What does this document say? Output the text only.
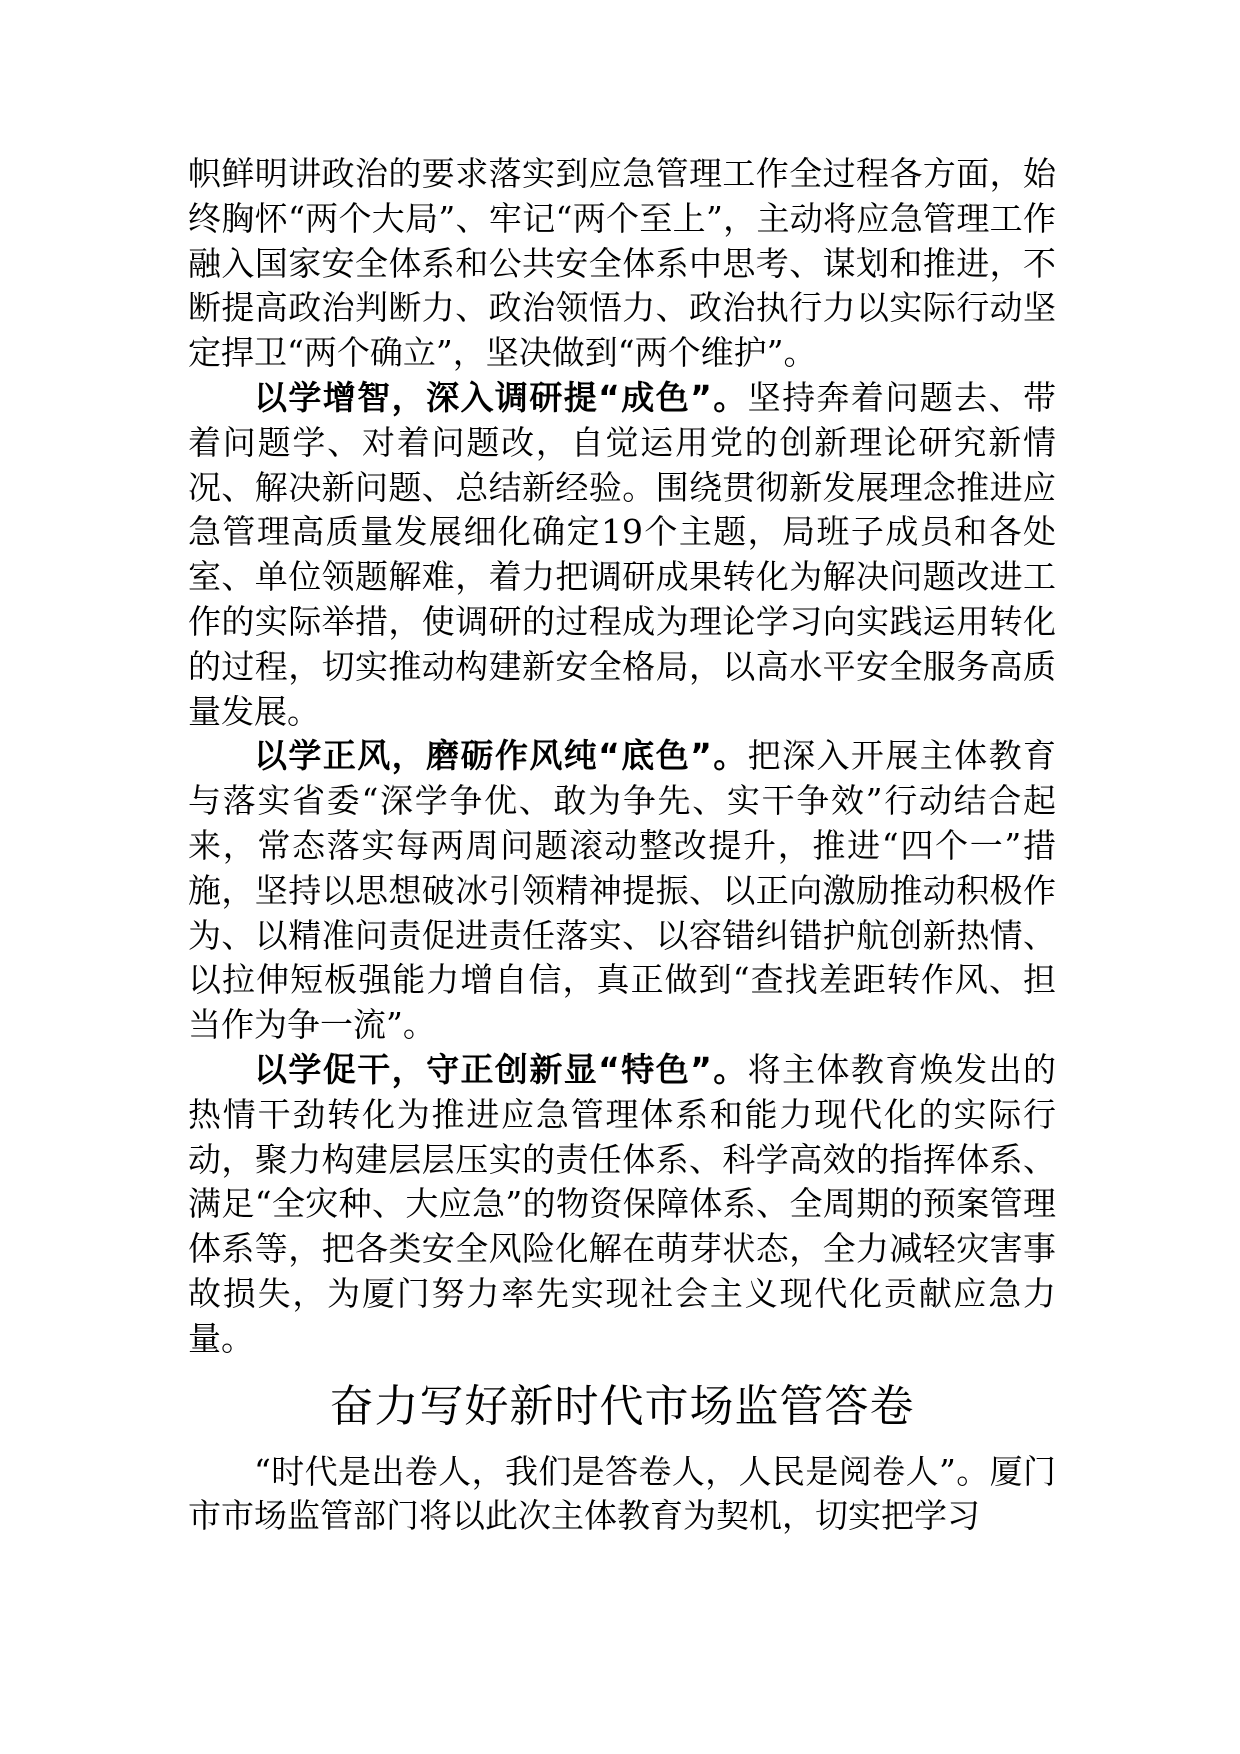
帜鲜明讲政治的要求落实到应急管理工作全过程各方面，始终胸怀“两个大局”、牢记“两个至上”，主动将应急管理工作融入国家安全体系和公共安全体系中思考、谋划和推进，不断提高政治判断力、政治领悟力、政治执行力以实际行动坚定捍卫“两个确立”，坚决做到“两个维护”。

以学增智，深入调研提“成色”。坚持奔着问题去、带着问题学、对着问题改，自觉运用党的创新理论研究新情况、解决新问题、总结新经验。围绕贯彻新发展理念推进应急管理高质量发展细化确定19个主题，局班子成员和各处室、单位领题解难，着力把调研成果转化为解决问题改进工作的实际举措，使调研的过程成为理论学习向实践运用转化的过程，切实推动构建新安全格局，以高水平安全服务高质量发展。

以学正风，磨砺作风纯“底色”。把深入开展主体教育与落实省委“深学争优、敢为争先、实干争效”行动结合起来，常态落实每两周问题滚动整改提升，推进“四个一”措施，坚持以思想破冰引领精神提振、以正向激励推动积极作为、以精准问责促进责任落实、以容错纠错护航创新热情、以拉伸短板强能力增自信，真正做到“查找差距转作风、担当作为争一流”。

以学促干，守正创新显“特色”。将主体教育焕发出的热情干劲转化为推进应急管理体系和能力现代化的实际行动，聚力构建层层压实的责任体系、科学高效的指挥体系、满足“全灾种、大应急”的物资保障体系、全周期的预案管理体系等，把各类安全风险化解在萌芽状态，全力减轻灾害事故损失，为厦门努力率先实现社会主义现代化贡献应急力量。

奋力写好新时代市场监管答卷

“时代是出卷人，我们是答卷人，人民是阅卷人”。厦门市市场监管部门将以此次主体教育为契机，切实把学习
